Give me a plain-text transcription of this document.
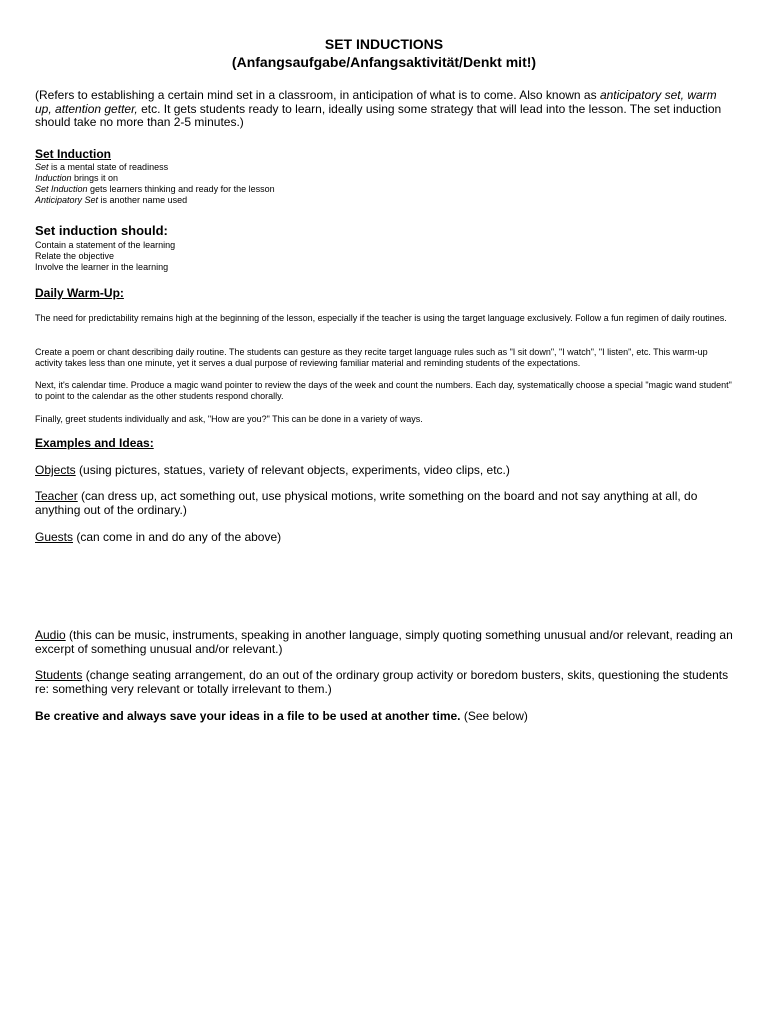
SET INDUCTIONS
(Anfangsaufgabe/Anfangsaktivität/Denkt mit!)
(Refers to establishing a certain mind set in a classroom, in anticipation of what is to come. Also known as anticipatory set, warm up, attention getter, etc. It gets students ready to learn, ideally using some strategy that will lead into the lesson. The set induction should take no more than 2-5 minutes.)
Set Induction
Set is a mental state of readiness
Induction brings it on
Set Induction gets learners thinking and ready for the lesson
Anticipatory Set is another name used
Set induction should:
Contain a statement of the learning
Relate the objective
Involve the learner in the learning
Daily Warm-Up:
The need for predictability remains high at the beginning of the lesson, especially if the teacher is using the target language exclusively. Follow a fun regimen of daily routines.
Create a poem or chant describing daily routine. The students can gesture as they recite target language rules such as "I sit down", "I watch", "I listen", etc. This warm-up activity takes less than one minute, yet it serves a dual purpose of reviewing familiar material and reminding students of the expectations.
Next, it's calendar time. Produce a magic wand pointer to review the days of the week and count the numbers. Each day, systematically choose a special "magic wand student" to point to the calendar as the other students respond chorally.
Finally, greet students individually and ask, "How are you?" This can be done in a variety of ways.
Examples and Ideas:
Objects (using pictures, statues, variety of relevant objects, experiments, video clips, etc.)
Teacher (can dress up, act something out, use physical motions, write something on the board and not say anything at all, do anything out of the ordinary.)
Guests (can come in and do any of the above)
Audio (this can be music, instruments, speaking in another language, simply quoting something unusual and/or relevant, reading an excerpt of something unusual and/or relevant.)
Students (change seating arrangement, do an out of the ordinary group activity or boredom busters, skits, questioning the students re: something very relevant or totally irrelevant to them.)
Be creative and always save your ideas in a file to be used at another time. (See below)
